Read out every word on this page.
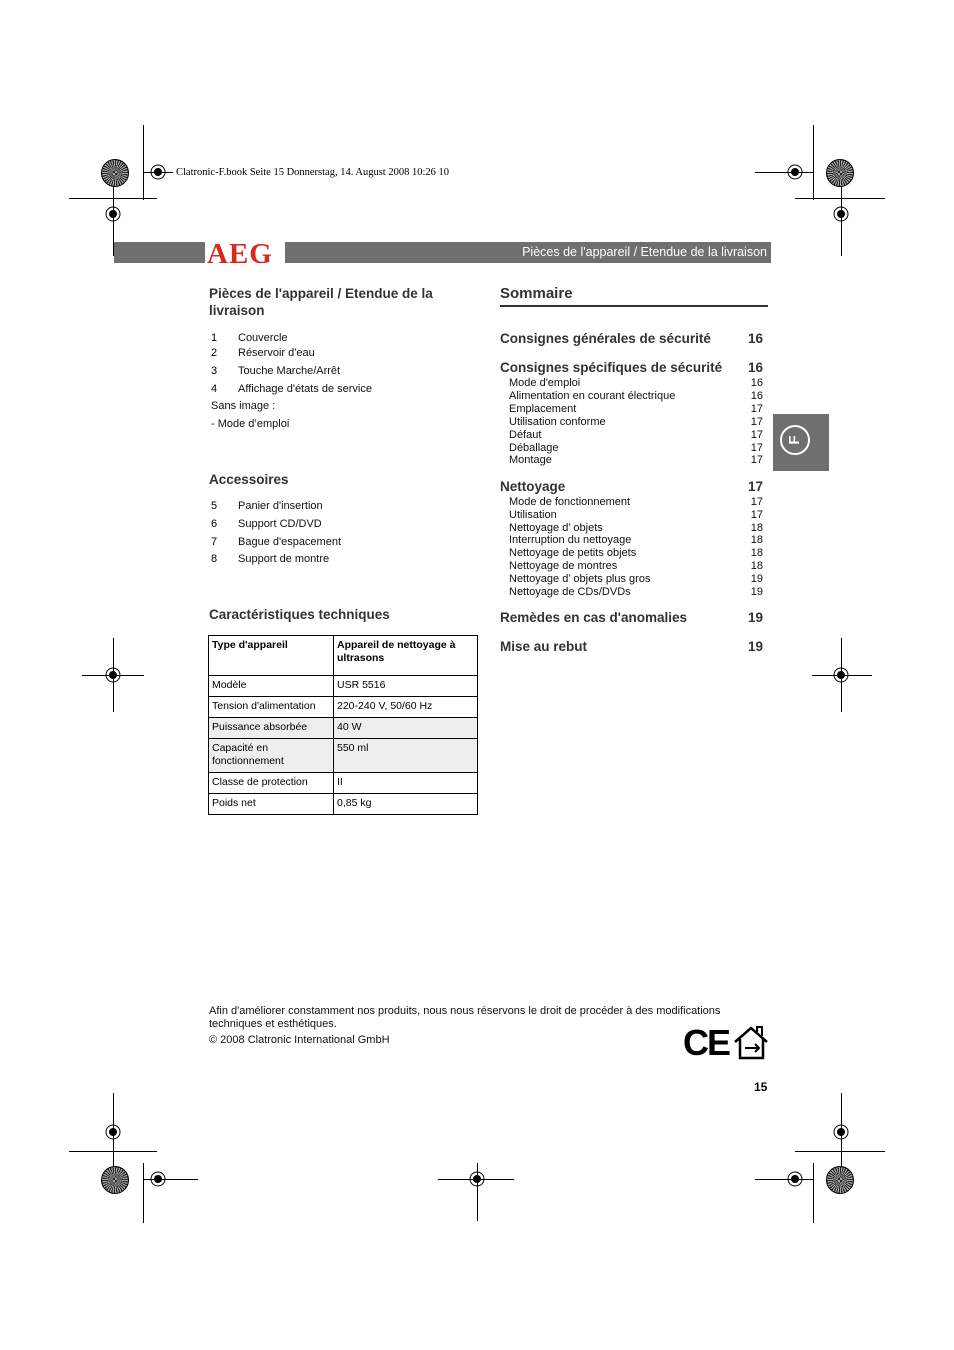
Clatronic-F.book Seite 15 Donnerstag, 14. August 2008 10:26 10
AEG	Pièces de l'appareil / Etendue de la livraison
Pièces de l'appareil / Etendue de la livraison
1 Couvercle
2 Réservoir d'eau
3 Touche Marche/Arrêt
4 Affichage d'états de service
Sans image :
- Mode d’emploi
Accessoires
5 Panier d'insertion
6 Support CD/DVD
7 Bague d'espacement
8 Support de montre
Caractéristiques techniques
Type d'appareil	Appareil de nettoyage à ultrasons
Modèle	USR 5516
Tension d'alimentation	220-240 V, 50/60 Hz
Puissance absorbée	40 W
Capacité en fonctionnement	550 ml
Classe de protection	II
Poids net	0,85 kg
Sommaire
Consignes générales de sécurité	16
Consignes spécifiques de sécurité 16
Mode d'emploi	16
Alimentation en courant électrique	16
Emplacement	17
Utilisation conforme	17
Défaut	17
Déballage	17
Montage	17
Nettoyage	17
Mode de fonctionnement	17
Utilisation	17
Nettoyage d’ objets	18
Interruption du nettoyage	18
Nettoyage de petits objets	18
Nettoyage de montres	18
Nettoyage d’ objets plus gros	19
Nettoyage de CDs/DVDs	19
Remèdes en cas d'anomalies	19
Mise au rebut	19
F
Afin d'améliorer constamment nos produits, nous nous réservons le droit de procéder à des modifications techniques et esthétiques.
© 2008 Clatronic International GmbH	CE
15
